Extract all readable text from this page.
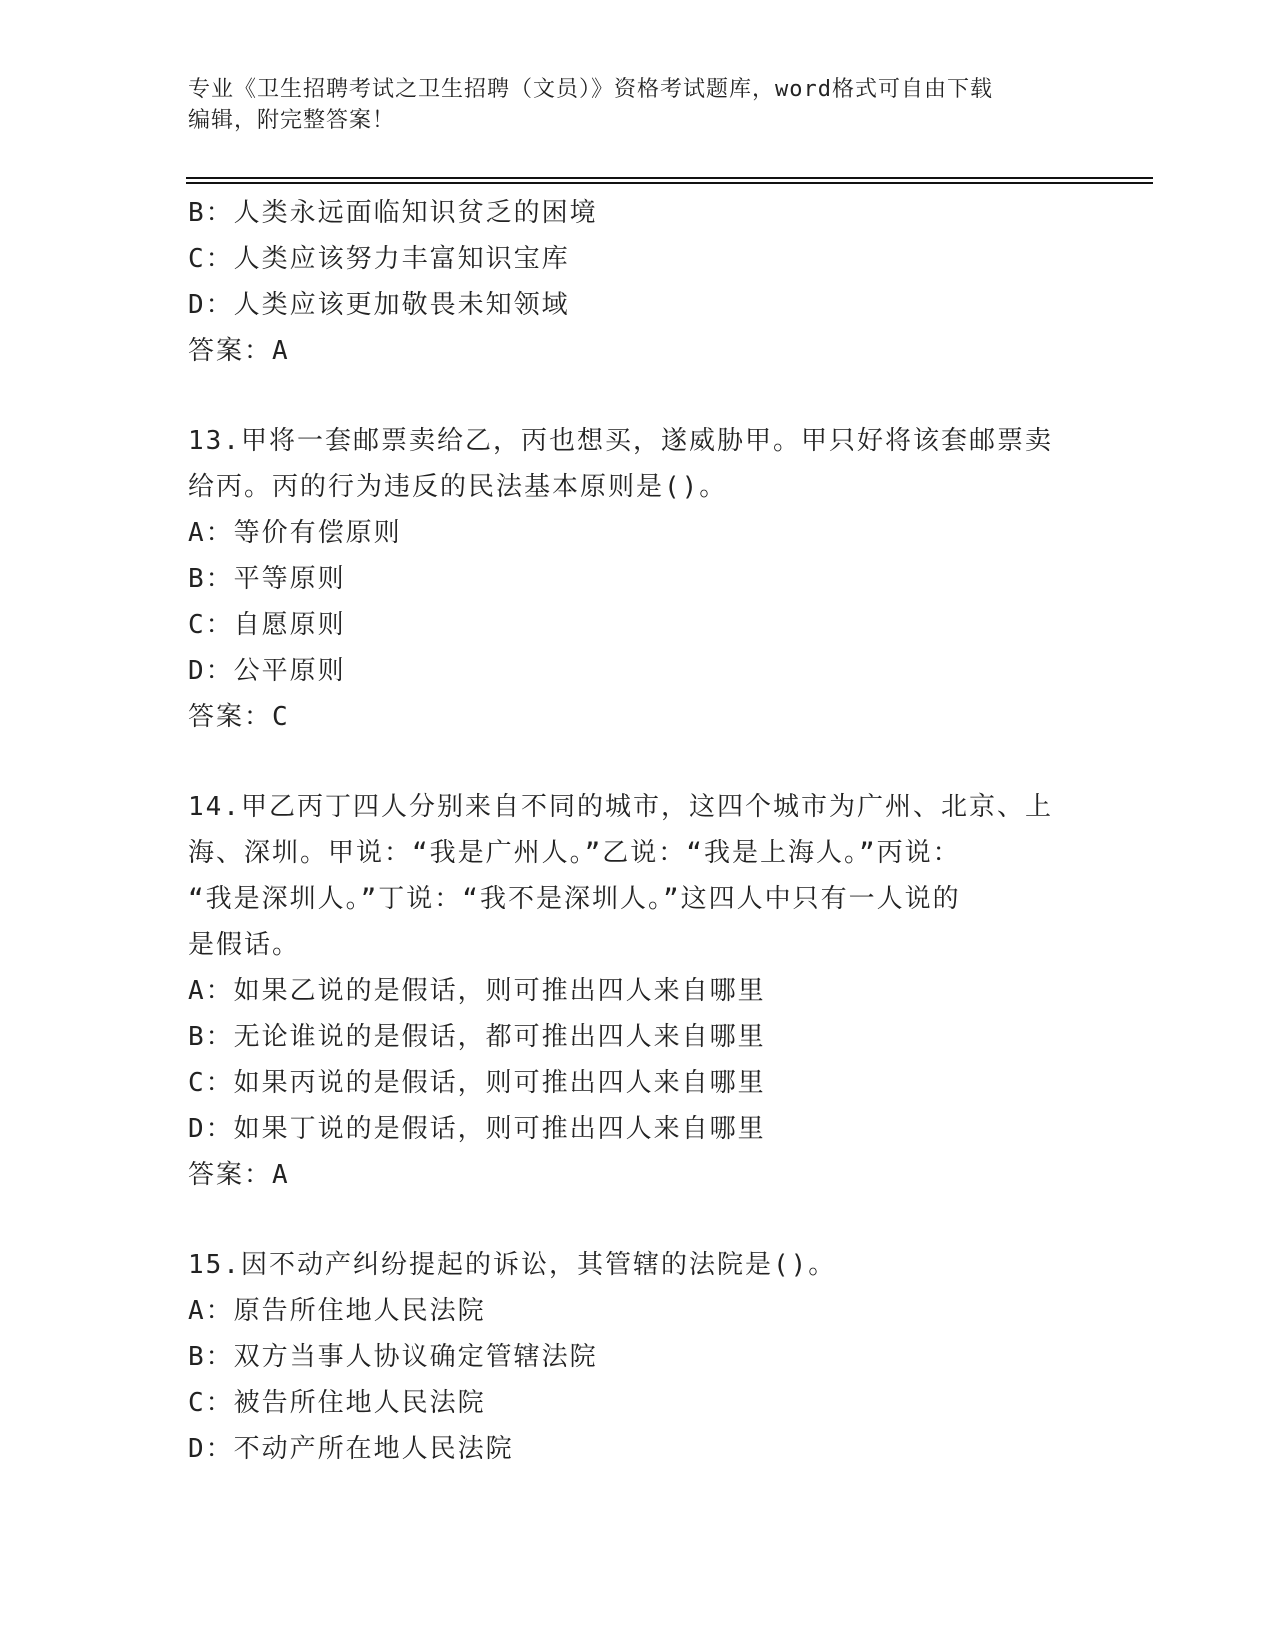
专业《卫生招聘考试之卫生招聘（文员）》资格考试题库，word格式可自由下载
编辑，附完整答案！

B：人类永远面临知识贫乏的困境

C：人类应该努力丰富知识宝库

D：人类应该更加敬畏未知领域

答案：A

13.甲将一套邮票卖给乙，丙也想买，遂威胁甲。甲只好将该套邮票卖

给丙。丙的行为违反的民法基本原则是()。

A：等价有偿原则

B：平等原则

C：自愿原则

D：公平原则

答案：C

14.甲乙丙丁四人分别来自不同的城市，这四个城市为广州、北京、上

海、深圳。甲说：“我是广州人。”乙说：“我是上海人。”丙说：

“我是深圳人。”丁说：“我不是深圳人。”这四人中只有一人说的

是假话。

A：如果乙说的是假话，则可推出四人来自哪里

B：无论谁说的是假话，都可推出四人来自哪里

C：如果丙说的是假话，则可推出四人来自哪里

D：如果丁说的是假话，则可推出四人来自哪里

答案：A

15.因不动产纠纷提起的诉讼，其管辖的法院是()。

A：原告所住地人民法院

B：双方当事人协议确定管辖法院

C：被告所住地人民法院

D：不动产所在地人民法院
